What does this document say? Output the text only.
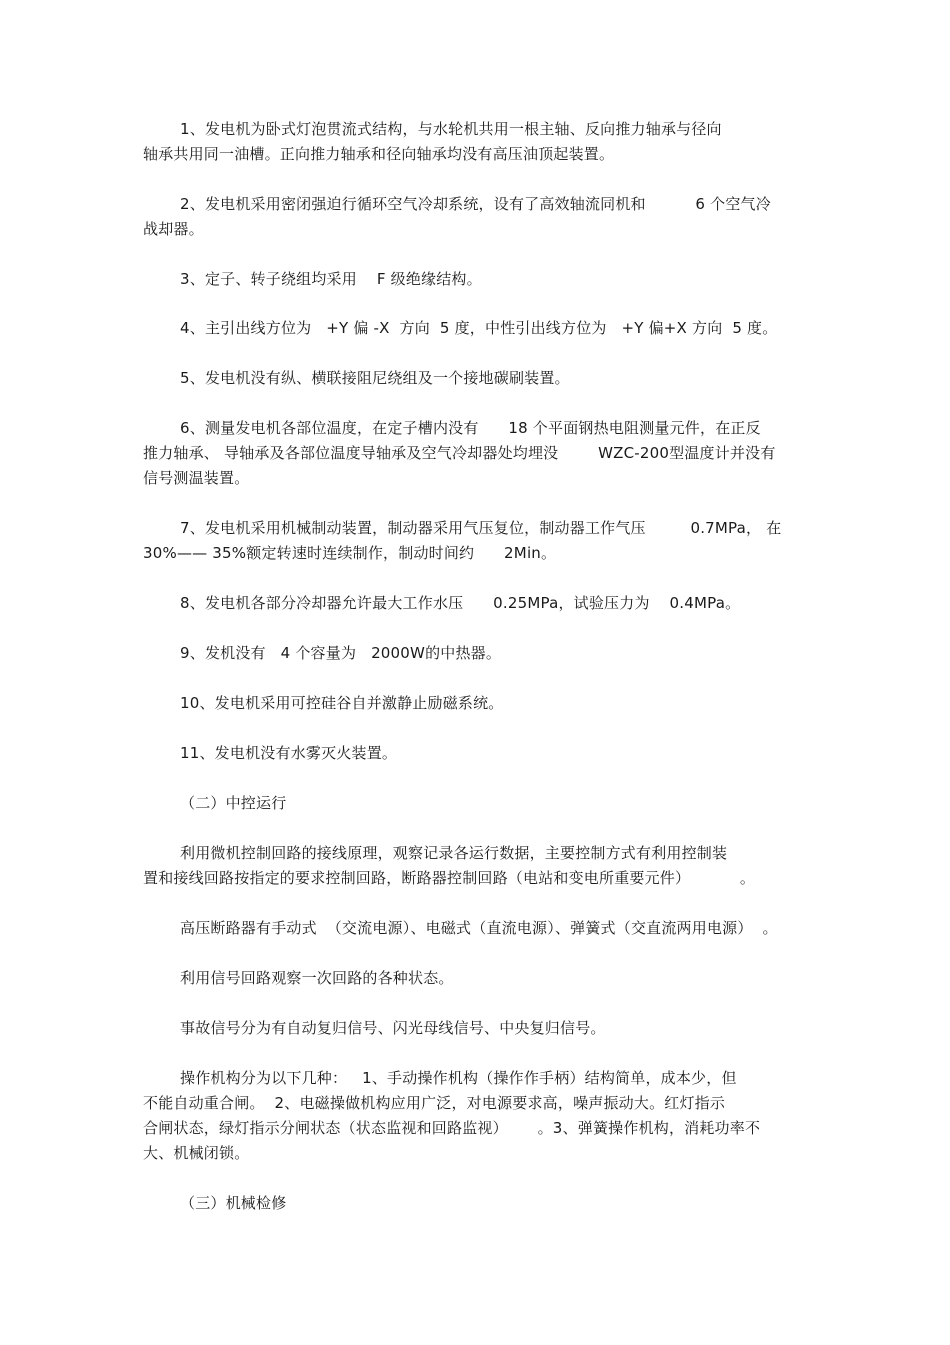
1、发电机为卧式灯泡贯流式结构，与水轮机共用一根主轴、反向推力轴承与径向
轴承共用同一油槽。正向推力轴承和径向轴承均没有高压油顶起装置。
2、发电机采用密闭强迫行循环空气冷却系统，设有了高效轴流同机和          6 个空气冷
战却器。
3、定子、转子绕组均采用    F 级绝缘结构。
4、主引出线方位为   +Y 偏 -X  方向  5 度，中性引出线方位为   +Y 偏+X 方向  5 度。
5、发电机没有纵、横联接阻尼绕组及一个接地碳刷装置。
6、测量发电机各部位温度，在定子槽内没有      18 个平面钢热电阻测量元件，在正反
推力轴承、 导轴承及各部位温度导轴承及空气冷却器处均埋没        WZC-200型温度计并没有
信号测温装置。
7、发电机采用机械制动装置，制动器采用气压复位，制动器工作气压         0.7MPa， 在
30%—— 35%额定转速时连续制作，制动时间约      2Min。
8、发电机各部分冷却器允许最大工作水压      0.25MPa，试验压力为    0.4MPa。
9、发机没有   4 个容量为   2000W的中热器。
10、发电机采用可控硅谷自并激静止励磁系统。
11、发电机没有水雾灭火装置。
（二）中控运行
利用微机控制回路的接线原理，观察记录各运行数据，主要控制方式有利用控制装
置和接线回路按指定的要求控制回路，断路器控制回路（电站和变电所重要元件）          。
高压断路器有手动式  （交流电源）、电磁式（直流电源）、弹簧式（交直流两用电源）  。
利用信号回路观察一次回路的各种状态。
事故信号分为有自动复归信号、闪光母线信号、中央复归信号。
操作机构分为以下几种：   1、手动操作机构（操作作手柄）结构简单，成本少，但
不能自动重合闸。  2、电磁操做机构应用广泛，对电源要求高，噪声振动大。红灯指示
合闸状态，绿灯指示分闸状态（状态监视和回路监视）      。3、弹簧操作机构，消耗功率不
大、机械闭锁。
（三）机械检修
